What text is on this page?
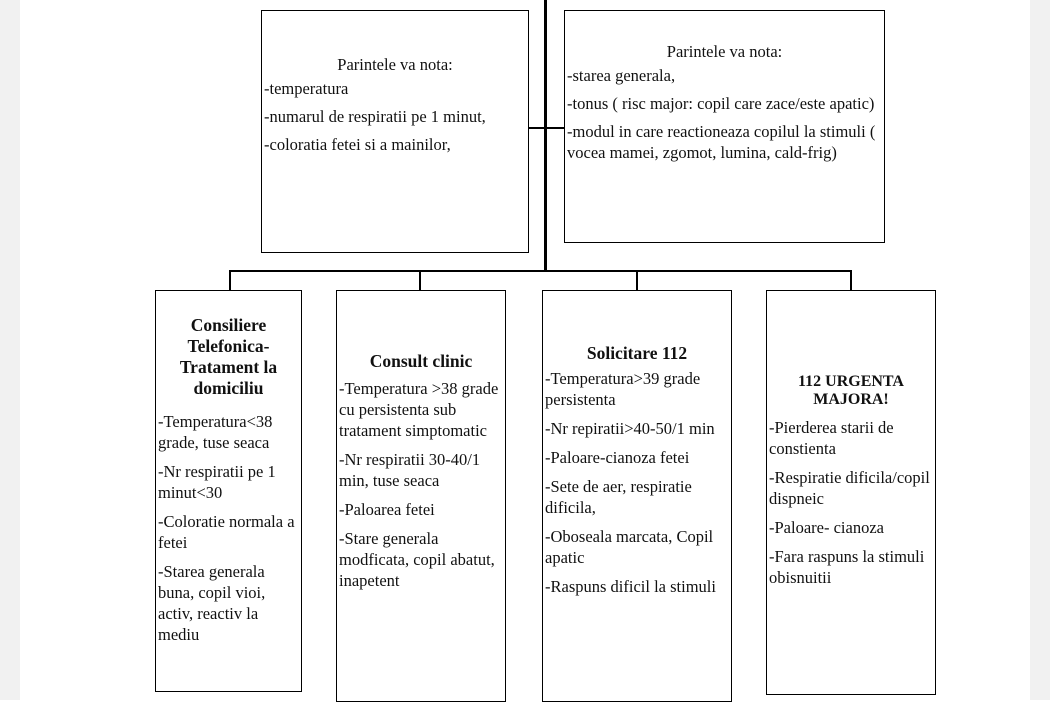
Parintele va nota:

-temperatura

-numarul de respiratii pe 1 minut,

-coloratia fetei si a mainilor,

Parintele va nota:

-starea generala,

-tonus ( risc major: copil care zace/este apatic)

-modul in care reactioneaza copilul la stimuli ( vocea mamei, zgomot, lumina, cald-frig)

Consiliere Telefonica-Tratament la domiciliu

-Temperatura<38 grade, tuse seaca

-Nr respiratii pe 1 minut<30

-Coloratie normala a fetei

-Starea generala buna, copil vioi, activ, reactiv la mediu

Consult clinic

-Temperatura >38 grade cu persistenta sub tratament simptomatic

-Nr respiratii 30-40/1 min, tuse seaca

-Paloarea fetei

-Stare generala modficata, copil abatut, inapetent

Solicitare 112

-Temperatura>39 grade persistenta

-Nr repiratii>40-50/1 min

-Paloare-cianoza fetei

-Sete de aer, respiratie dificila,

-Oboseala marcata, Copil apatic

-Raspuns dificil la stimuli

112 URGENTA MAJORA!

-Pierderea starii de constienta

-Respiratie dificila/copil dispneic

-Paloare- cianoza

-Fara raspuns la stimuli obisnuitii
